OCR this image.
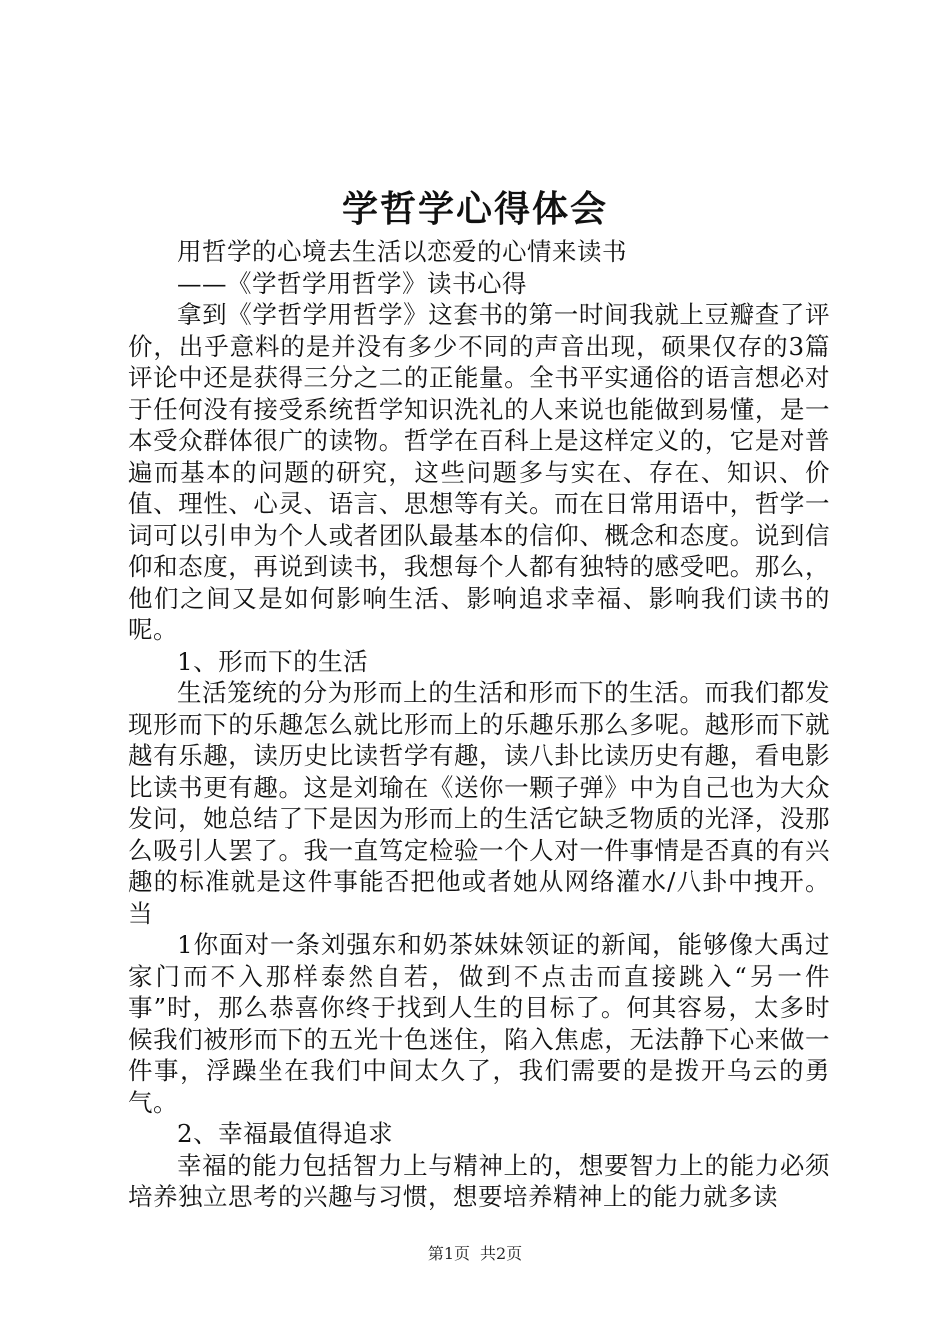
学哲学心得体会

用哲学的心境去生活以恋爱的心情来读书

——《学哲学用哲学》读书心得

拿到《学哲学用哲学》这套书的第一时间我就上豆瓣查了评价，出乎意料的是并没有多少不同的声音出现，硕果仅存的3篇评论中还是获得三分之二的正能量。全书平实通俗的语言想必对于任何没有接受系统哲学知识洗礼的人来说也能做到易懂，是一本受众群体很广的读物。哲学在百科上是这样定义的，它是对普遍而基本的问题的研究，这些问题多与实在、存在、知识、价值、理性、心灵、语言、思想等有关。而在日常用语中，哲学一词可以引申为个人或者团队最基本的信仰、概念和态度。说到信仰和态度，再说到读书，我想每个人都有独特的感受吧。那么，他们之间又是如何影响生活、影响追求幸福、影响我们读书的呢。

1、形而下的生活

生活笼统的分为形而上的生活和形而下的生活。而我们都发现形而下的乐趣怎么就比形而上的乐趣乐那么多呢。越形而下就越有乐趣，读历史比读哲学有趣，读八卦比读历史有趣，看电影比读书更有趣。这是刘瑜在《送你一颗子弹》中为自己也为大众发问，她总结了下是因为形而上的生活它缺乏物质的光泽，没那么吸引人罢了。我一直笃定检验一个人对一件事情是否真的有兴趣的标准就是这件事能否把他或者她从网络灌水/八卦中拽开。当

1你面对一条刘强东和奶茶妹妹领证的新闻，能够像大禹过家门而不入那样泰然自若，做到不点击而直接跳入“另一件事”时，那么恭喜你终于找到人生的目标了。何其容易，太多时候我们被形而下的五光十色迷住，陷入焦虑，无法静下心来做一件事，浮躁坐在我们中间太久了，我们需要的是拨开乌云的勇气。

2、幸福最值得追求

幸福的能力包括智力上与精神上的，想要智力上的能力必须培养独立思考的兴趣与习惯，想要培养精神上的能力就多读

第1页 共2页
